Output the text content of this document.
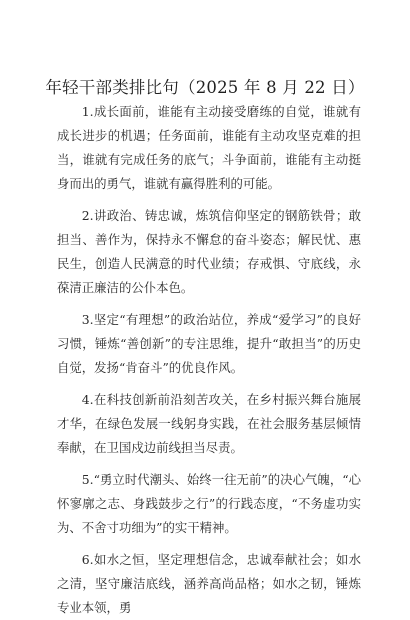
年轻干部类排比句（2025 年 8 月 22 日）

1.成长面前，谁能有主动接受磨练的自觉，谁就有成长进步的机遇；任务面前，谁能有主动攻坚克难的担当，谁就有完成任务的底气；斗争面前，谁能有主动挺身而出的勇气，谁就有赢得胜利的可能。

2.讲政治、铸忠诚，炼筑信仰坚定的钢筋铁骨；敢担当、善作为，保持永不懈怠的奋斗姿态；解民忧、惠民生，创造人民满意的时代业绩；存戒惧、守底线，永葆清正廉洁的公仆本色。

3.坚定“有理想”的政治站位，养成“爱学习”的良好习惯，锤炼“善创新”的专注思维，提升“敢担当”的历史自觉，发扬“肯奋斗”的优良作风。

4.在科技创新前沿刻苦攻关，在乡村振兴舞台施展才华，在绿色发展一线躬身实践，在社会服务基层倾情奉献，在卫国戍边前线担当尽责。

5.“勇立时代潮头、始终一往无前”的决心气魄，“心怀寥廓之志、身践鼓步之行”的行践态度，“不务虚功实为、不舍寸功细为”的实干精神。

6.如水之恒，坚定理想信念，忠诚奉献社会；如水之清，坚守廉洁底线，涵养高尚品格；如水之韧，锤炼专业本领，勇
